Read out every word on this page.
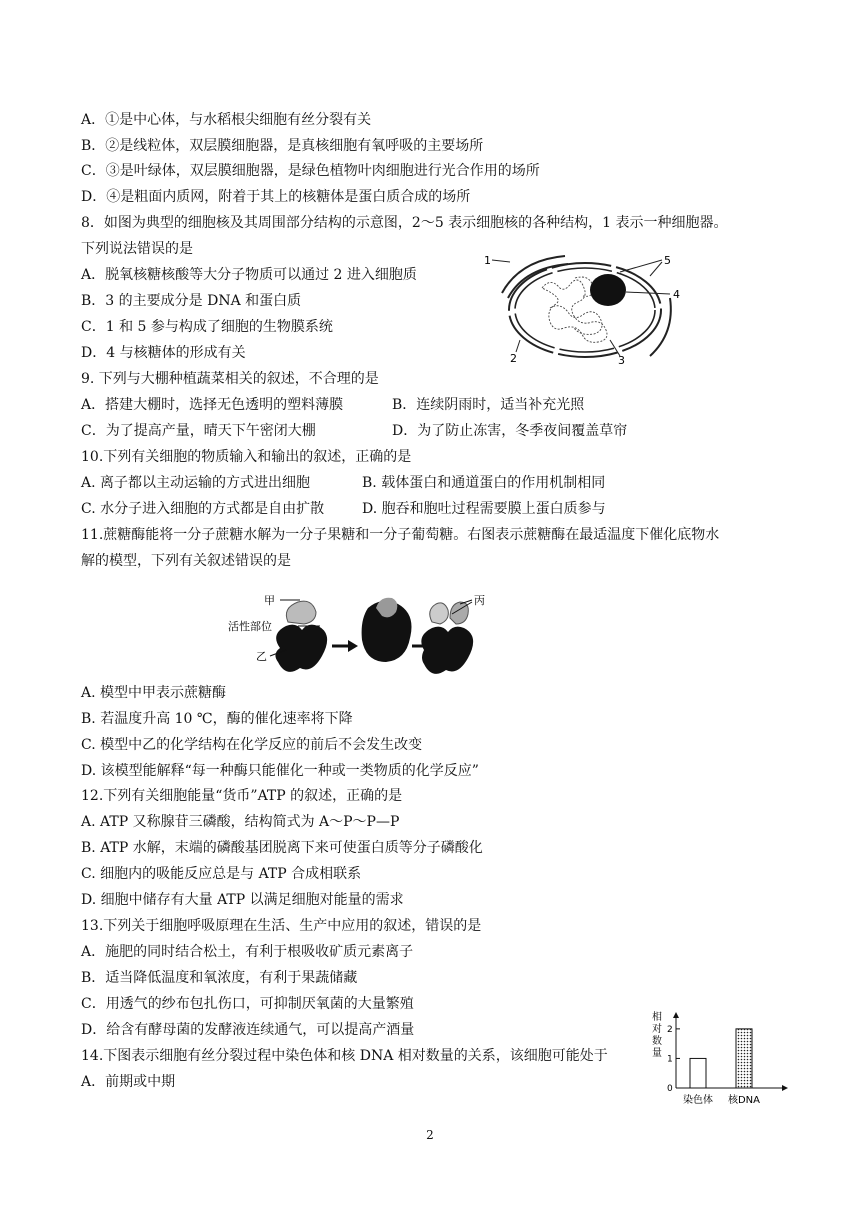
A．①是中心体，与水稻根尖细胞有丝分裂有关
B．②是线粒体，双层膜细胞器，是真核细胞有氧呼吸的主要场所
C．③是叶绿体，双层膜细胞器，是绿色植物叶肉细胞进行光合作用的场所
D．④是粗面内质网，附着于其上的核糖体是蛋白质合成的场所
8．如图为典型的细胞核及其周围部分结构的示意图，2～5 表示细胞核的各种结构，1 表示一种细胞器。
下列说法错误的是
A．脱氧核糖核酸等大分子物质可以通过 2 进入细胞质
B．3 的主要成分是 DNA 和蛋白质
C．1 和 5 参与构成了细胞的生物膜系统
D．4 与核糖体的形成有关
1
2	3
4
5
9. 下列与大棚种植蔬菜相关的叙述，不合理的是
A．搭建大棚时，选择无色透明的塑料薄膜	B．连续阴雨时，适当补充光照
C．为了提高产量，晴天下午密闭大棚	D．为了防止冻害，冬季夜间覆盖草帘
10.下列有关细胞的物质输入和输出的叙述，正确的是
A. 离子都以主动运输的方式进出细胞	B. 载体蛋白和通道蛋白的作用机制相同
C. 水分子进入细胞的方式都是自由扩散	D. 胞吞和胞吐过程需要膜上蛋白质参与
11.蔗糖酶能将一分子蔗糖水解为一分子果糖和一分子葡萄糖。右图表示蔗糖酶在最适温度下催化底物水
解的模型，下列有关叙述错误的是
甲
活性部位
乙
丙
A. 模型中甲表示蔗糖酶
B. 若温度升高 10 ℃，酶的催化速率将下降
C. 模型中乙的化学结构在化学反应的前后不会发生改变
D. 该模型能解释“每一种酶只能催化一种或一类物质的化学反应”
12.下列有关细胞能量“货币”ATP 的叙述，正确的是
A. ATP 又称腺苷三磷酸，结构简式为 A～P～P—P
B. ATP 水解，末端的磷酸基团脱离下来可使蛋白质等分子磷酸化
C. 细胞内的吸能反应总是与 ATP 合成相联系
D. 细胞中储存有大量 ATP 以满足细胞对能量的需求
13.下列关于细胞呼吸原理在生活、生产中应用的叙述，错误的是
A．施肥的同时结合松土，有利于根吸收矿质元素离子
B．适当降低温度和氧浓度，有利于果蔬储藏
C．用透气的纱布包扎伤口，可抑制厌氧菌的大量繁殖
D．给含有酵母菌的发酵液连续通气，可以提高产酒量
14.下图表示细胞有丝分裂过程中染色体和核 DNA 相对数量的关系，该细胞可能处于
A．前期或中期
相
对
数
量
0
1
2
染色体 核DNA
2
